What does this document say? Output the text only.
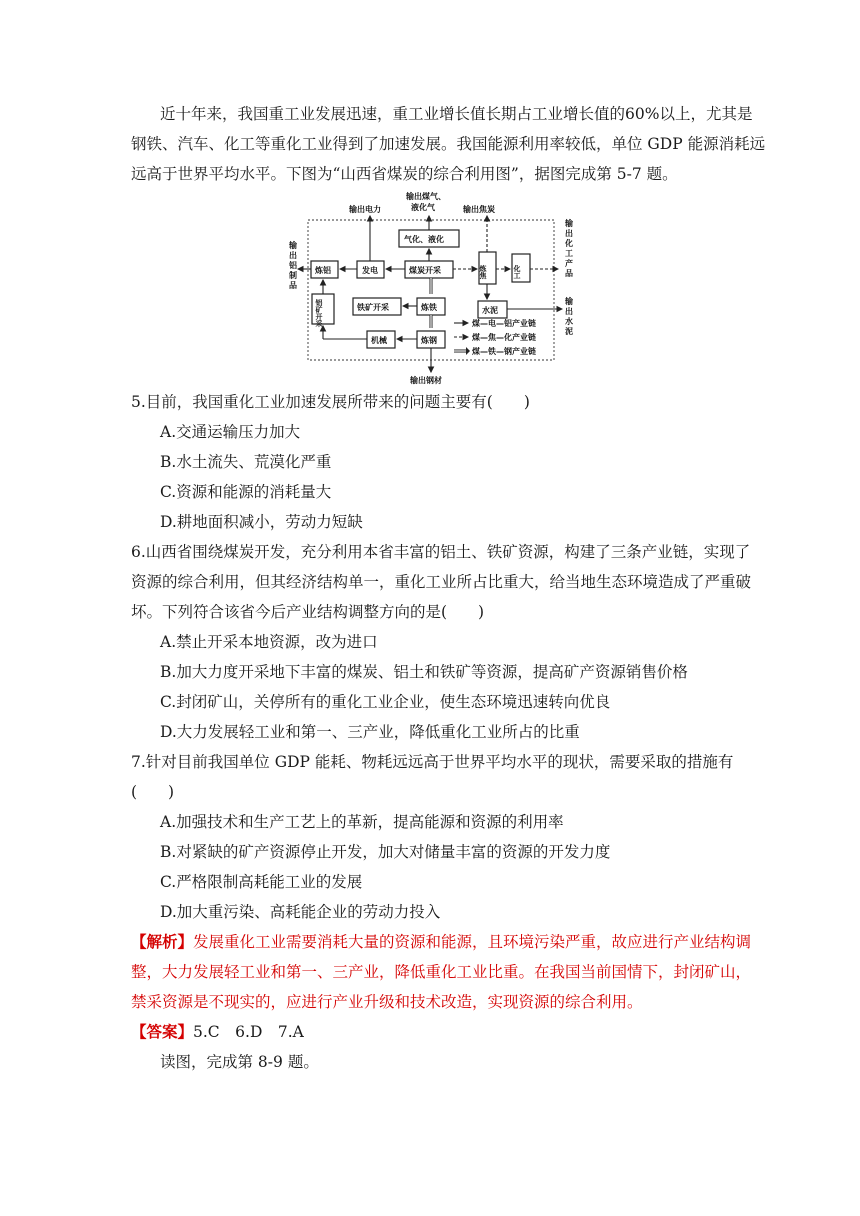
近十年来，我国重工业发展迅速，重工业增长值长期占工业增长值的60%以上，尤其是
钢铁、汽车、化工等重化工业得到了加速发展。我国能源利用率较低，单位 GDP 能源消耗远
远高于世界平均水平。下图为“山西省煤炭的综合利用图”，据图完成第 5-7 题。
输出电力
输出煤气、
液化气	输出焦炭
输
出
铝
制
品
输
出
化
工
产
品
输
出
水
泥
气化、液化
发电	煤炭开采
炼铝	炼焦	化工
铝矿开采	铁矿开采	炼铁	水泥
机械	炼钢
煤—电—铝产业链
煤—焦—化产业链
煤—铁—钢产业链
输出钢材
5.目前，我国重化工业加速发展所带来的问题主要有(　　)
A.交通运输压力加大
B.水土流失、荒漠化严重
C.资源和能源的消耗量大
D.耕地面积减小，劳动力短缺
6.山西省围绕煤炭开发，充分利用本省丰富的铝土、铁矿资源，构建了三条产业链，实现了
资源的综合利用，但其经济结构单一，重化工业所占比重大，给当地生态环境造成了严重破
坏。下列符合该省今后产业结构调整方向的是(　　)
A.禁止开采本地资源，改为进口
B.加大力度开采地下丰富的煤炭、铝土和铁矿等资源，提高矿产资源销售价格
C.封闭矿山，关停所有的重化工业企业，使生态环境迅速转向优良
D.大力发展轻工业和第一、三产业，降低重化工业所占的比重
7.针对目前我国单位 GDP 能耗、物耗远远高于世界平均水平的现状，需要采取的措施有
(　　)
A.加强技术和生产工艺上的革新，提高能源和资源的利用率
B.对紧缺的矿产资源停止开发，加大对储量丰富的资源的开发力度
C.严格限制高耗能工业的发展
D.加大重污染、高耗能企业的劳动力投入
【解析】发展重化工业需要消耗大量的资源和能源，且环境污染严重，故应进行产业结构调
整，大力发展轻工业和第一、三产业，降低重化工业比重。在我国当前国情下，封闭矿山，
禁采资源是不现实的，应进行产业升级和技术改造，实现资源的综合利用。
【答案】5.C　6.D　7.A
读图，完成第 8-9 题。
